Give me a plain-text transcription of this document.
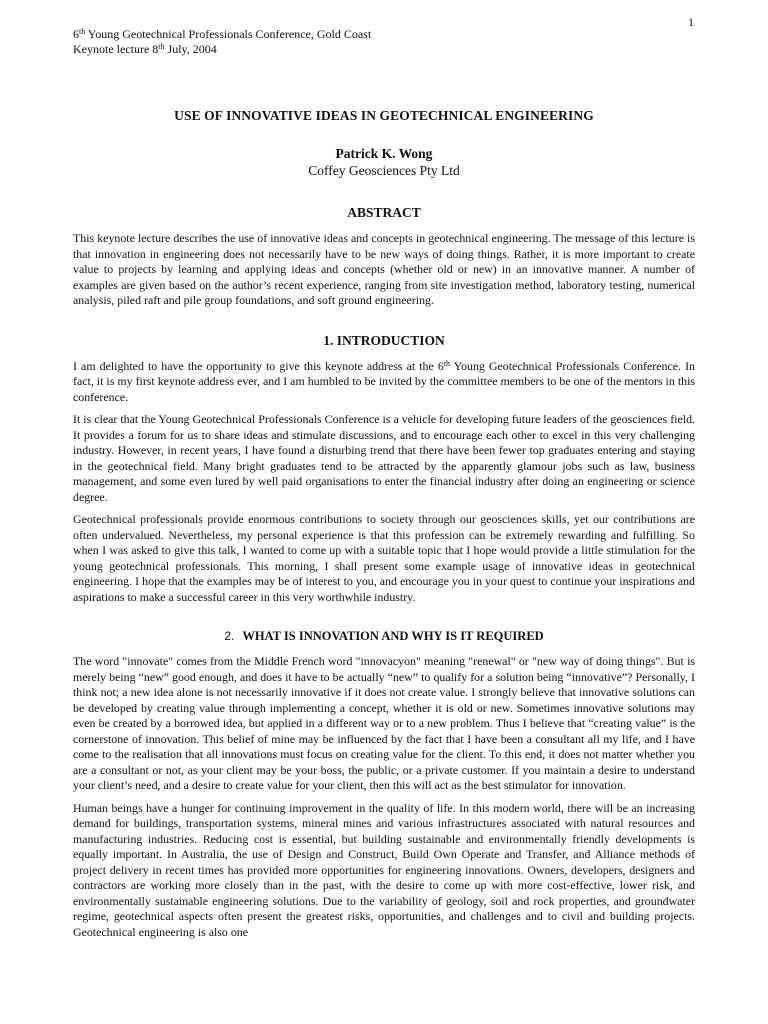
1
6th Young Geotechnical Professionals Conference, Gold Coast
Keynote lecture 8th July, 2004
USE OF INNOVATIVE IDEAS IN GEOTECHNICAL ENGINEERING

Patrick K. Wong

Coffey Geosciences Pty Ltd

ABSTRACT

This keynote lecture describes the use of innovative ideas and concepts in geotechnical engineering. The message of this lecture is that innovation in engineering does not necessarily have to be new ways of doing things. Rather, it is more important to create value to projects by learning and applying ideas and concepts (whether old or new) in an innovative manner. A number of examples are given based on the author’s recent experience, ranging from site investigation method, laboratory testing, numerical analysis, piled raft and pile group foundations, and soft ground engineering.

1. INTRODUCTION

I am delighted to have the opportunity to give this keynote address at the 6th Young Geotechnical Professionals Conference. In fact, it is my first keynote address ever, and I am humbled to be invited by the committee members to be one of the mentors in this conference.

It is clear that the Young Geotechnical Professionals Conference is a vehicle for developing future leaders of the geosciences field. It provides a forum for us to share ideas and stimulate discussions, and to encourage each other to excel in this very challenging industry. However, in recent years, I have found a disturbing trend that there have been fewer top graduates entering and staying in the geotechnical field. Many bright graduates tend to be attracted by the apparently glamour jobs such as law, business management, and some even lured by well paid organisations to enter the financial industry after doing an engineering or science degree.

Geotechnical professionals provide enormous contributions to society through our geosciences skills, yet our contributions are often undervalued. Nevertheless, my personal experience is that this profession can be extremely rewarding and fulfilling. So when I was asked to give this talk, I wanted to come up with a suitable topic that I hope would provide a little stimulation for the young geotechnical professionals. This morning, I shall present some example usage of innovative ideas in geotechnical engineering. I hope that the examples may be of interest to you, and encourage you in your quest to continue your inspirations and aspirations to make a successful career in this very worthwhile industry.

2. WHAT IS INNOVATION AND WHY IS IT REQUIRED

The word "innovate" comes from the Middle French word "innovacyon" meaning "renewal" or "new way of doing things". But is merely being “new” good enough, and does it have to be actually “new” to qualify for a solution being “innovative”? Personally, I think not; a new idea alone is not necessarily innovative if it does not create value. I strongly believe that innovative solutions can be developed by creating value through implementing a concept, whether it is old or new. Sometimes innovative solutions may even be created by a borrowed idea, but applied in a different way or to a new problem. Thus I believe that “creating value” is the cornerstone of innovation. This belief of mine may be influenced by the fact that I have been a consultant all my life, and I have come to the realisation that all innovations must focus on creating value for the client. To this end, it does not matter whether you are a consultant or not, as your client may be your boss, the public, or a private customer. If you maintain a desire to understand your client’s need, and a desire to create value for your client, then this will act as the best stimulator for innovation.

Human beings have a hunger for continuing improvement in the quality of life. In this modern world, there will be an increasing demand for buildings, transportation systems, mineral mines and various infrastructures associated with natural resources and manufacturing industries. Reducing cost is essential, but building sustainable and environmentally friendly developments is equally important. In Australia, the use of Design and Construct, Build Own Operate and Transfer, and Alliance methods of project delivery in recent times has provided more opportunities for engineering innovations. Owners, developers, designers and contractors are working more closely than in the past, with the desire to come up with more cost-effective, lower risk, and environmentally sustainable engineering solutions. Due to the variability of geology, soil and rock properties, and groundwater regime, geotechnical aspects often present the greatest risks, opportunities, and challenges and to civil and building projects. Geotechnical engineering is also one
